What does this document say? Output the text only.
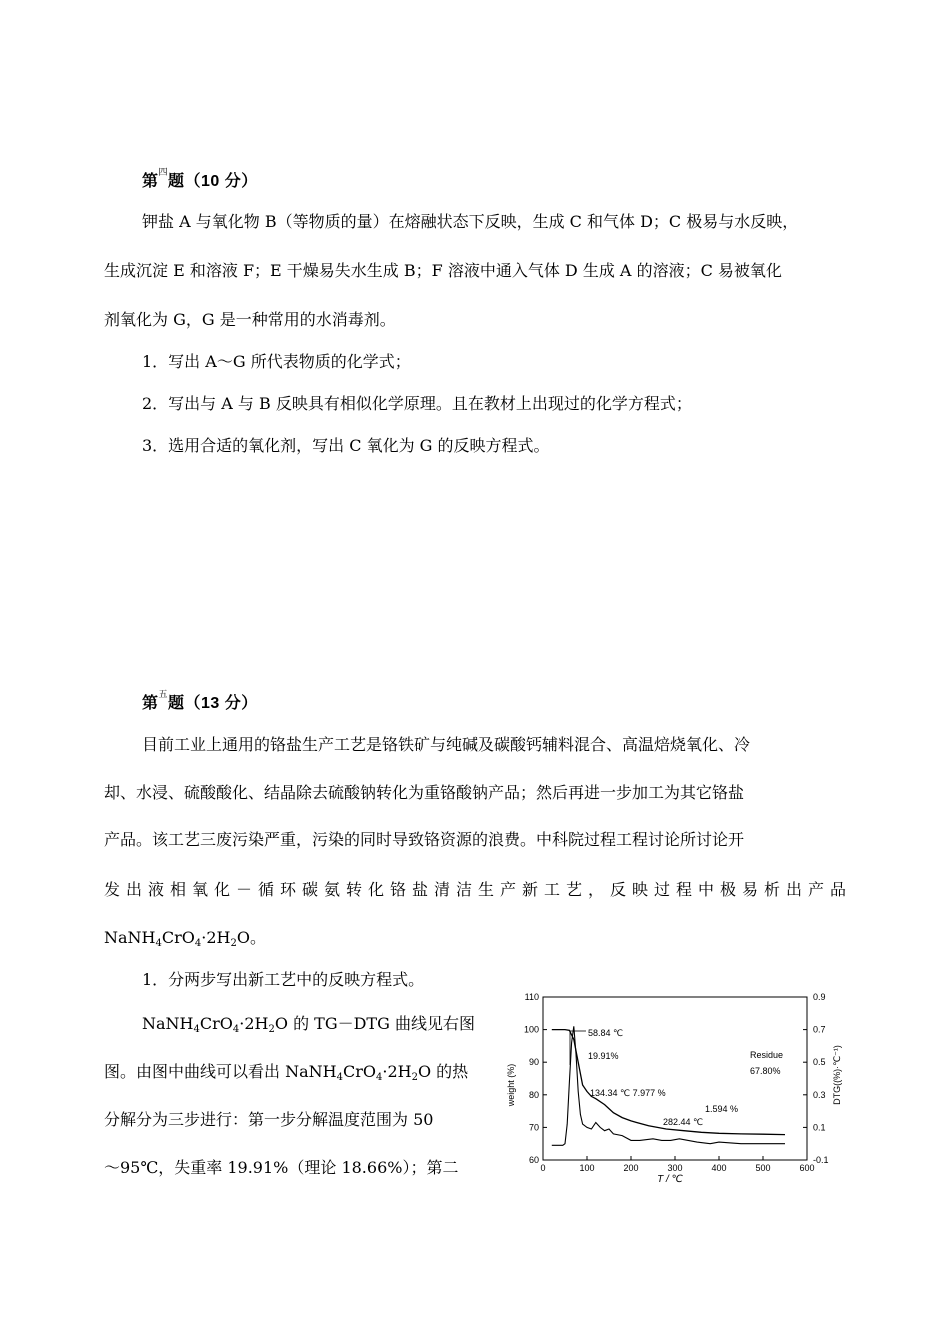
第$^四$题（10 分）
钾盐 A 与氧化物 B（等物质的量）在熔融状态下反映，生成 C 和气体 D；C 极易与水反映，
生成沉淀 E 和溶液 F；E 干燥易失水生成 B；F 溶液中通入气体 D 生成 A 的溶液；C 易被氧化
剂氧化为 G，G 是一种常用的水消毒剂。
1．写出 A～G 所代表物质的化学式；
2．写出与 A 与 B 反映具有相似化学原理。且在教材上出现过的化学方程式；
3．选用合适的氧化剂，写出 C 氧化为 G 的反映方程式。
第$^五$题（13 分）
目前工业上通用的铬盐生产工艺是铬铁矿与纯碱及碳酸钙辅料混合、高温焙烧氧化、冷
却、水浸、硫酸酸化、结晶除去硫酸钠转化为重铬酸钠产品；然后再进一步加工为其它铬盐
产品。该工艺三废污染严重，污染的同时导致铬资源的浪费。中科院过程工程讨论所讨论开
发出液相氧化－循环碳氨转化铬盐清洁生产新工艺，反映过程中极易析出产品
$NaNH_4CrO_4\cdot 2H_2O$。
1．分两步写出新工艺中的反映方程式。
$NaNH_4CrO_4\cdot 2H_2O$ 的 TG－DTG 曲线见右图
图。由图中曲线可以看出 $NaNH_4CrO_4\cdot 2H_2O$ 的热
分解分为三步进行：第一步分解温度范围为 50
～95℃，失重率 19.91%（理论 18.66%）；第二	0	100	200	300	400	500	600
60
70
80
90
100
110
-0.1
0.1
0.3
0.5
0.7
0.9
weight (%)	DTG((%)·℃⁻¹)
T / ℃
58.84 ℃
19.91%
134.34 ℃ 7.977 %
282.44 ℃
1.594 %
Residue
67.80%
